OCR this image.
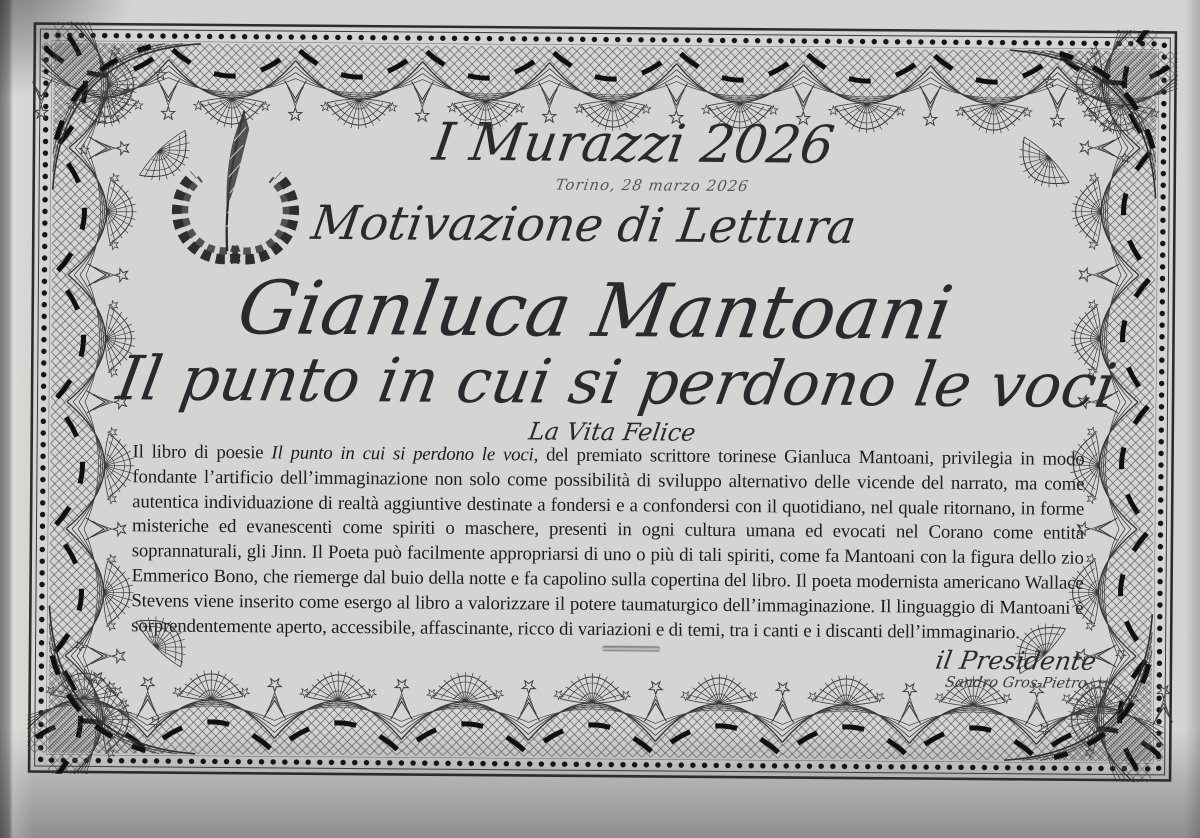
I Murazzi 2026
Torino, 28 marzo 2026
Motivazione di Lettura
Gianluca Mantoani
Il punto in cui si perdono le voci
La Vita Felice

Il libro di poesie Il punto in cui si perdono le voci, del premiato scrittore torinese Gianluca Mantoani, privilegia in modo fondante l’artificio dell’immaginazione non solo come possibilità di sviluppo alternativo delle vicende del narrato, ma come autentica individuazione di realtà aggiuntive destinate a fondersi e a confondersi con il quotidiano, nel quale ritornano, in forme misteriche ed evanescenti come spiriti o maschere, presenti in ogni cultura umana ed evocati nel Corano come entità soprannaturali, gli Jinn. Il Poeta può facilmente appropriarsi di uno o più di tali spiriti, come fa Mantoani con la figura dello zio Emmerico Bono, che riemerge dal buio della notte e fa capolino sulla copertina del libro. Il poeta modernista americano Wallace Stevens viene inserito come esergo al libro a valorizzare il potere taumaturgico dell’immaginazione. Il linguaggio di Mantoani è sorprendentemente aperto, accessibile, affascinante, ricco di variazioni e di temi, tra i canti e i discanti dell’immaginario.

il Presidente
Sandro Gros-Pietro
